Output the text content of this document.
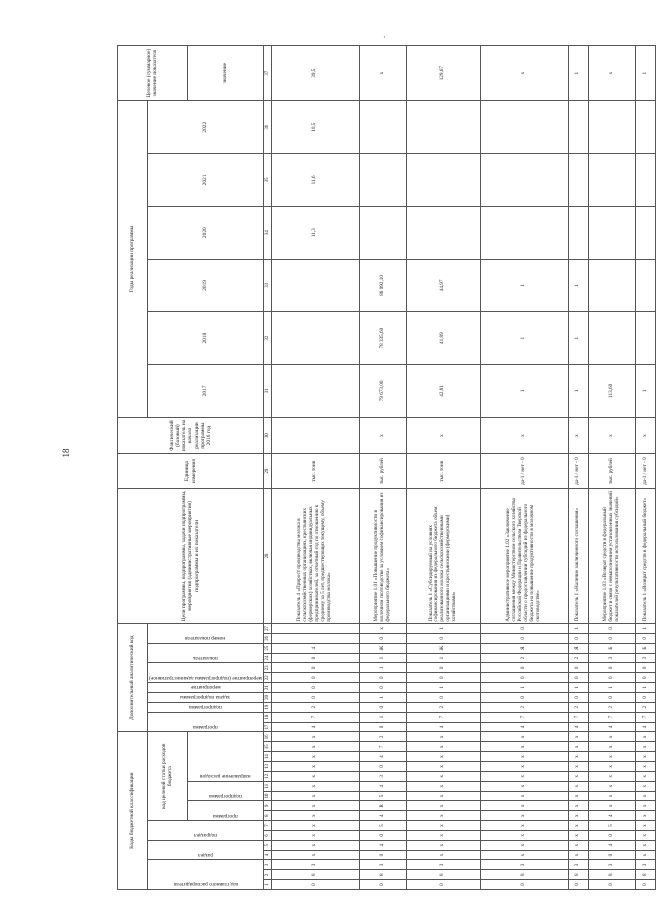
18
·
Коды бюджетной классификации																Дополнительный аналитический код											Цели программы, подпрограммы, задачи подпрограммы, мероприятия (административные мероприятия) подпрограммы и их показатели	Единица измерения	Фактический (базовый) показатель на начало реализации программы 2016 год	Годы реализации программы						Целевое (суммарное) значение показателя

код главного распорядителя			раздел		подраздел		код целевой статьи расходов бюджета									программа		подпрограмма	задача подпрограммы	мероприятие	мероприятие (подпрограммы административное)		показатель		номер показателя					2017	2018	2019	2020	2021	2022	

							программа		подпрограмма		направление расходов																									значение
1	2	3	4	5	6	7	8	9	10	11	12	13	14	15	16	17	18	19	20	21	22	23	24	25	26	27	28	29	30	31	32	33	34	35	36	37
0	8	3	х	х	х	х	х	х	х	х	х	х	х	х	х	4	7	2	0	0	0	0	0	4			Показатель 4 «Прирост производства молока в сельскохозяйственных организациях, крестьянских (фермерских) хозяйствах, включая индивидуальных предпринимателей, за отчетный год по отношению к среднему за 5 лет, предшествующих текущему, объему производства молока»	тыс. тонн					11,3	11,6	10,5	39,5
0	8	3	0	4	0	5	4	R	5	4	3	0	4	7	2	0	1	0	1	0	0	1	1	Ж	0	х	Мероприятие 1.01 «Повышение продуктивности в молочном скотоводстве за условием софинансирования из федерального бюджета»	тыс. рублей	х	79 673,00	78 335,60	88 992,10				х
0	8	3	х	х	х	х	х	х	х	х	х	х	х	х	х	4	7	2	0	1	0	0	1	Ж	0	1	Показатель 1 «Субсидируемый на условиях софинансирования из федерального бюджета объем реализованного молока сельскохозяйственными организациями и крестьянскими (фермерскими) хозяйствами»	тыс. тонн	х	42,81	41,89	44,97				129,67
0	8	3	х	х	х	х	х	х	х	х	х	х	х	х	х	4	7	2	0	1	0	0	2	Я	0	0	Административное мероприятие 1.02 «Заключение соглашения между Министерством сельского хозяйства Российской Федерации и Правительством Тверской области о предоставлении субсидий из федерального бюджета на повышение продуктивности в молочном скотоводстве»	да-1 / нет - 0	х	1	1	1				х
0	8	3	х	х	х	х	х	х	х	х	х	х	х	х	х	4	7	2	0	1	0	0	2	Я	0	1	Показатель 1 «Наличие заключенного соглашения»	да-1 / нет - 0	х	1	1	1				1
0	8	3	0	4	0	5	4	х	х	х	х	х	х	х	х	4	7	2	0	1	0	0	3	Б	0	0	Мероприятие 1.03 «Возврат средств в федеральный бюджет в связи с невыполнением установленных значений показателей результативности использования субсидий»	тыс. рублей	х	113,60						х
0	8	3	х	х	х	х	х	х	х	х	х	х	х	х	х	4	7	2	0	1	0	0	3	Б	0	1	Показатель 1 «Возврат средств в федеральный бюджет»	да-1 / нет - 0	х	1						1
